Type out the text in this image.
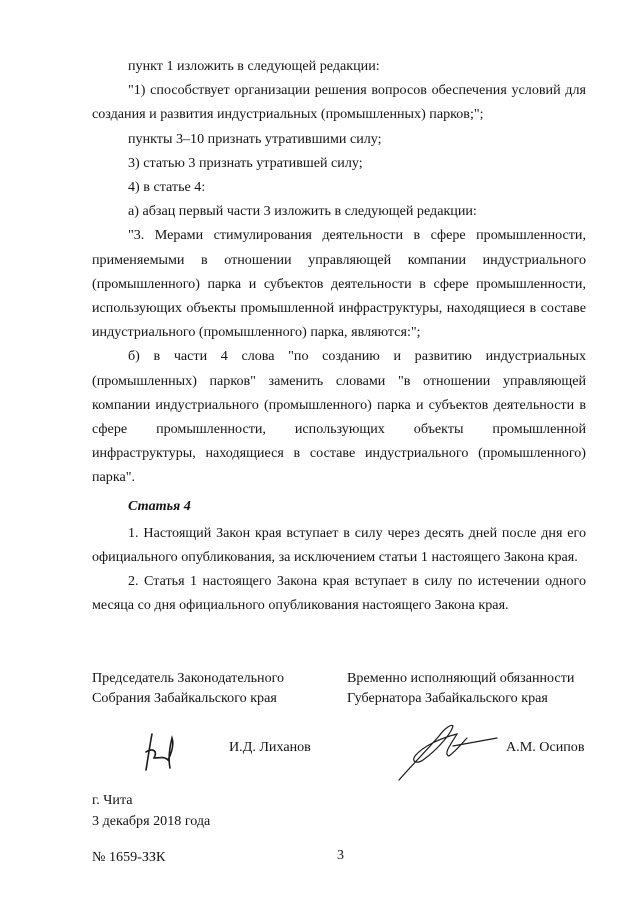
пункт 1 изложить в следующей редакции:

"1) способствует организации решения вопросов обеспечения условий для создания и развития индустриальных (промышленных) парков;";

пункты 3–10 признать утратившими силу;

3) статью 3 признать утратившей силу;

4) в статье 4:

а) абзац первый части 3 изложить в следующей редакции:

"3. Мерами стимулирования деятельности в сфере промышленности, применяемыми в отношении управляющей компании индустриального (промышленного) парка и субъектов деятельности в сфере промышленности, использующих объекты промышленной инфраструктуры, находящиеся в составе индустриального (промышленного) парка, являются:";

б) в части 4 слова "по созданию и развитию индустриальных (промышленных) парков" заменить словами "в отношении управляющей компании индустриального (промышленного) парка и субъектов деятельности в сфере промышленности, использующих объекты промышленной инфраструктуры, находящиеся в составе индустриального (промышленного) парка".

Статья 4

1. Настоящий Закон края вступает в силу через десять дней после дня его официального опубликования, за исключением статьи 1 настоящего Закона края.

2. Статья 1 настоящего Закона края вступает в силу по истечении одного месяца со дня официального опубликования настоящего Закона края.

Председатель Законодательного
Собрания Забайкальского края
Временно исполняющий обязанности
Губернатора Забайкальского края
И.Д. Лиханов	А.М. Осипов
г. Чита
3 декабря 2018 года
№ 1659-ЗЗК	3
